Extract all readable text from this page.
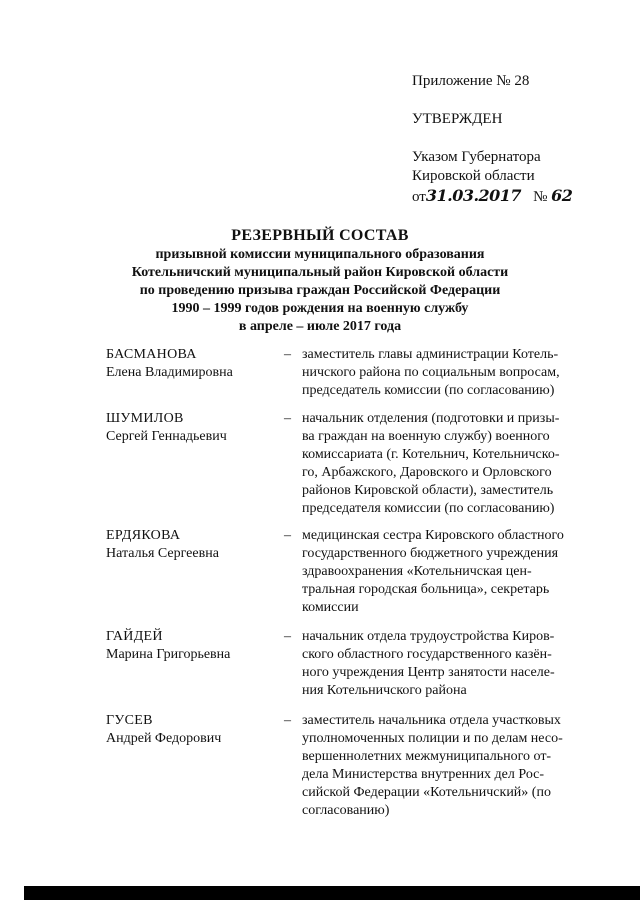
Приложение № 28
УТВЕРЖДЕН
Указом Губернатора
Кировской области
от31.03.2017 № 62
РЕЗЕРВНЫЙ СОСТАВ
призывной комиссии муниципального образования
Котельничский муниципальный район Кировской области
по проведению призыва граждан Российской Федерации
1990 – 1999 годов рождения на военную службу
в апреле – июле 2017 года
БАСМАНОВА
Елена Владимировна
– заместитель главы администрации Котель-
ничского района по социальным вопросам,
председатель комиссии (по согласованию)
ШУМИЛОВ
Сергей Геннадьевич
– начальник отделения (подготовки и призы-
ва граждан на военную службу) военного
комиссариата (г. Котельнич, Котельничско-
го, Арбажского, Даровского и Орловского
районов Кировской области), заместитель
председателя комиссии (по согласованию)
ЕРДЯКОВА
Наталья Сергеевна
– медицинская сестра Кировского областного
государственного бюджетного учреждения
здравоохранения «Котельничская цен-
тральная городская больница», секретарь
комиссии
ГАЙДЕЙ
Марина Григорьевна
– начальник отдела трудоустройства Киров-
ского областного государственного казён-
ного учреждения Центр занятости населе-
ния Котельничского района
ГУСЕВ
Андрей Федорович
– заместитель начальника отдела участковых
уполномоченных полиции и по делам несо-
вершеннолетних межмуниципального от-
дела Министерства внутренних дел Рос-
сийской Федерации «Котельничский» (по
согласованию)
